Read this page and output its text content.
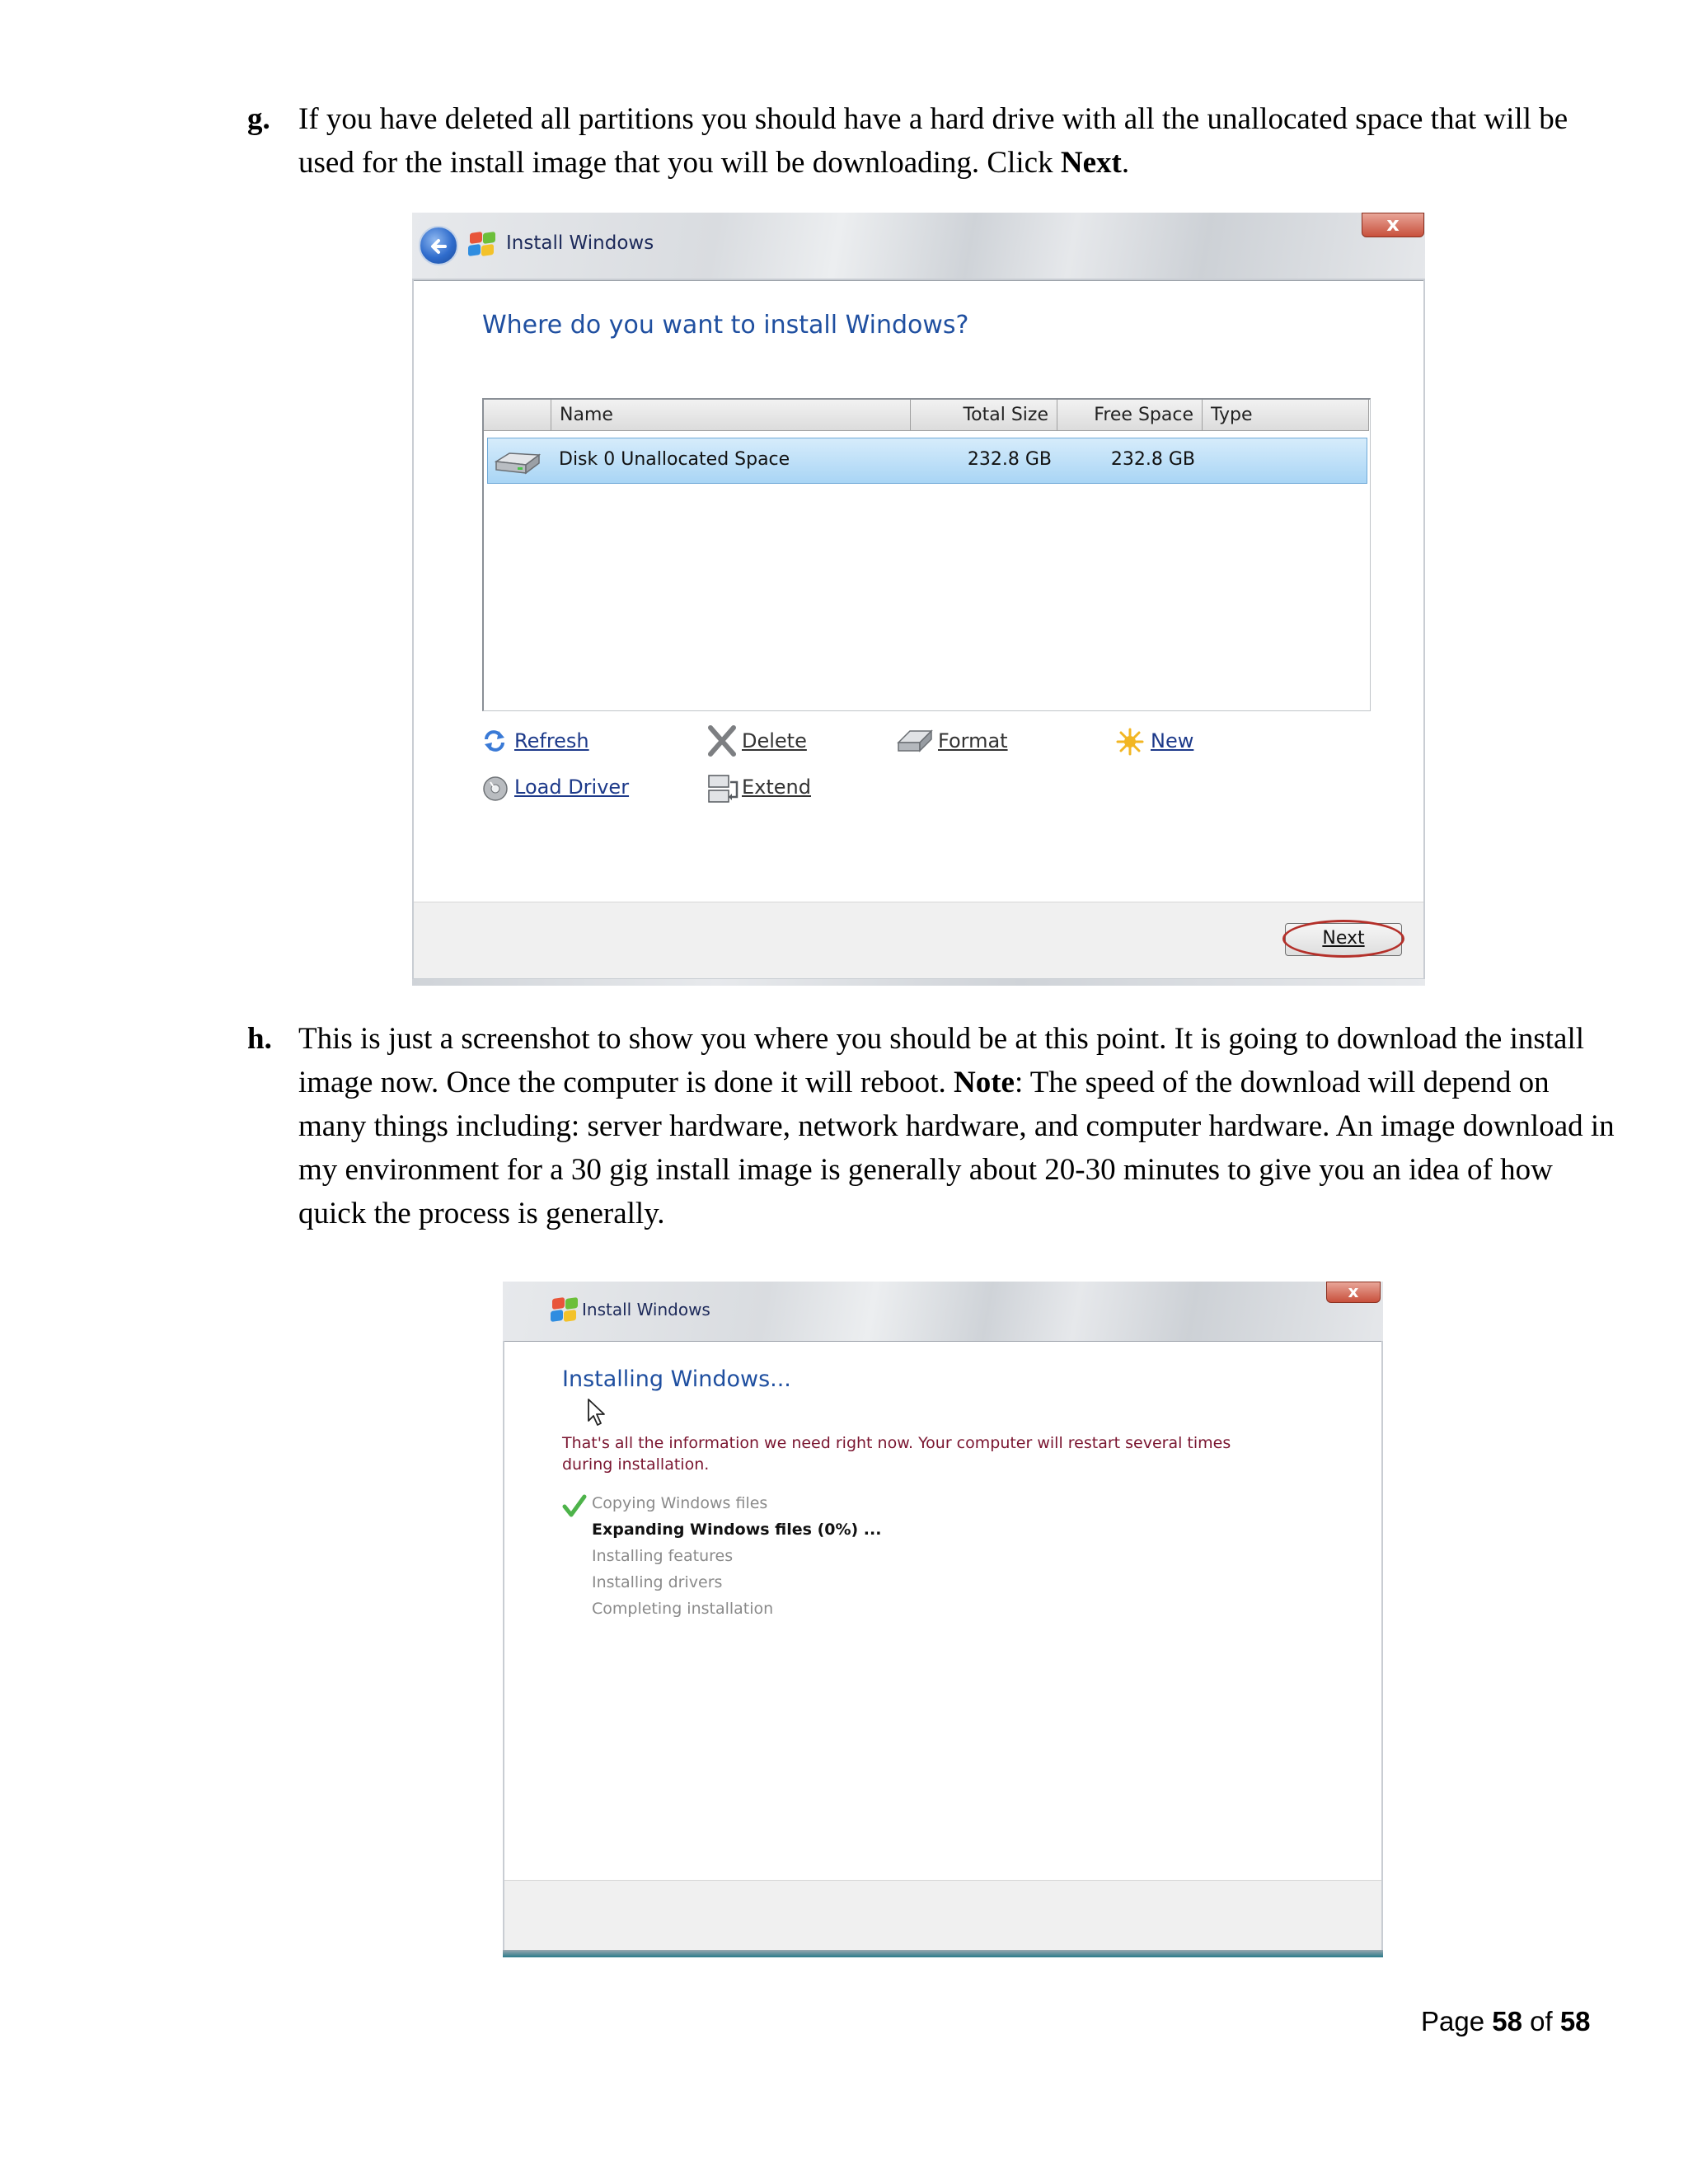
g. If you have deleted all partitions you should have a hard drive with all the unallocated space that will be used for the install image that you will be downloading. Click Next.
Install Windows
x
Where do you want to install Windows?
Name	Total Size	Free Space Type
Disk 0 Unallocated Space	232.8 GB	232.8 GB
Refresh	Delete	Format	New
Load Driver	Extend
Next
h. This is just a screenshot to show you where you should be at this point. It is going to download the install image now. Once the computer is done it will reboot. Note: The speed of the download will depend on many things including: server hardware, network hardware, and computer hardware. An image download in my environment for a 30 gig install image is generally about 20-30 minutes to give you an idea of how quick the process is generally.
Install Windows
x
Installing Windows...
That's all the information we need right now. Your computer will restart several times during installation.
Copying Windows files
Expanding Windows files (0%) ...
Installing features
Installing drivers
Completing installation
Page 58 of 58
